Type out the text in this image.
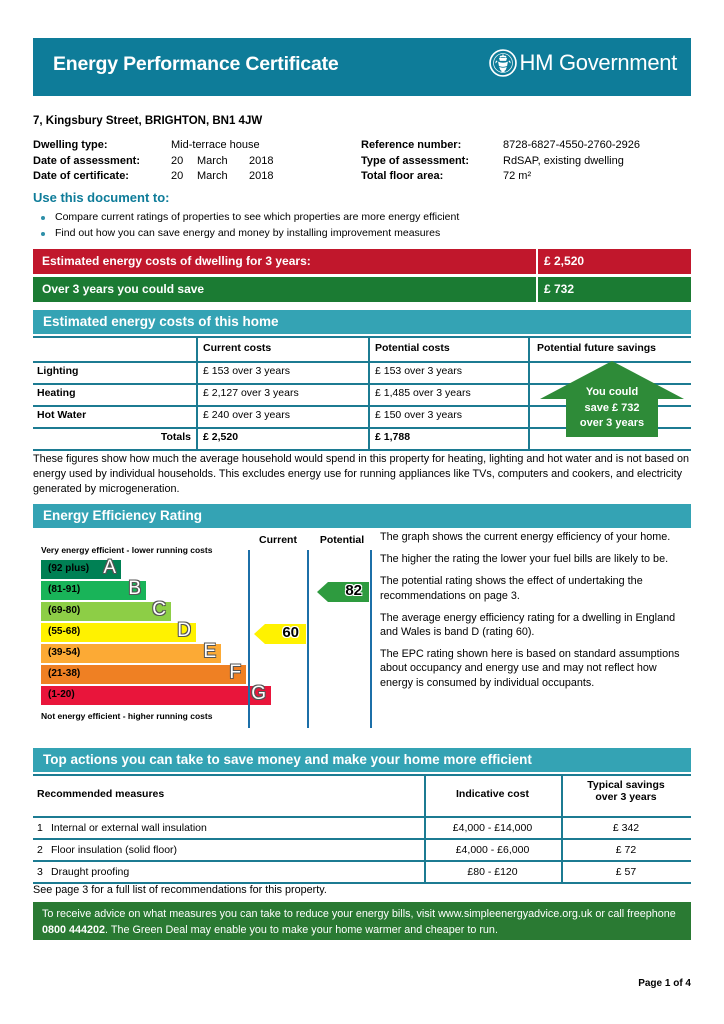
Energy Performance Certificate	HM Government
7, Kingsbury Street, BRIGHTON, BN1 4JW
Dwelling type:	Mid-terrace house	Reference number:	8728-6827-4550-2760-2926
Date of assessment:	20 March 2018	Type of assessment:	RdSAP, existing dwelling
Date of certificate:	20 March 2018	Total floor area:	72 m²
Use this document to:
Compare current ratings of properties to see which properties are more energy efficient
Find out how you can save energy and money by installing improvement measures
Estimated energy costs of dwelling for 3 years:	£ 2,520
Over 3 years you could save	£ 732
Estimated energy costs of this home
Current costs	Potential costs	Potential future savings
Lighting	£ 153 over 3 years	£ 153 over 3 years
Heating	£ 2,127 over 3 years	£ 1,485 over 3 years
Hot Water	£ 240 over 3 years	£ 150 over 3 years
Totals £ 2,520	£ 1,788
You could
save £ 732
over 3 years
These figures show how much the average household would spend in this property for heating, lighting and hot water and is not based on energy used by individual households. This excludes energy use for running appliances like TVs, computers and cookers, and electricity generated by microgeneration.
Energy Efficiency Rating
Very energy efficient - lower running costs
Not energy efficient - higher running costs
(92 plus) A
(81-91)	B
(69-80)	C
(55-68)	D
(39-54)	E
(21-38)	F
(1-20)	G
Current	Potential
60
82

The graph shows the current energy efficiency of your home.

The higher the rating the lower your fuel bills are likely to be.

The potential rating shows the effect of undertaking the recommendations on page 3.

The average energy efficiency rating for a dwelling in England and Wales is band D (rating 60).

The EPC rating shown here is based on standard assumptions about occupancy and energy use and may not reflect how energy is consumed by individual occupants.

Top actions you can take to save money and make your home more efficient
Recommended measures	Indicative cost
Typical savings
over 3 years
1 Internal or external wall insulation	£4,000 - £14,000	£ 342
2 Floor insulation (solid floor)	£4,000 - £6,000	£ 72
3 Draught proofing	£80 - £120	£ 57
See page 3 for a full list of recommendations for this property.
To receive advice on what measures you can take to reduce your energy bills, visit www.simpleenergyadvice.org.uk or call freephone 0800 444202. The Green Deal may enable you to make your home warmer and cheaper to run.
Page 1 of 4
